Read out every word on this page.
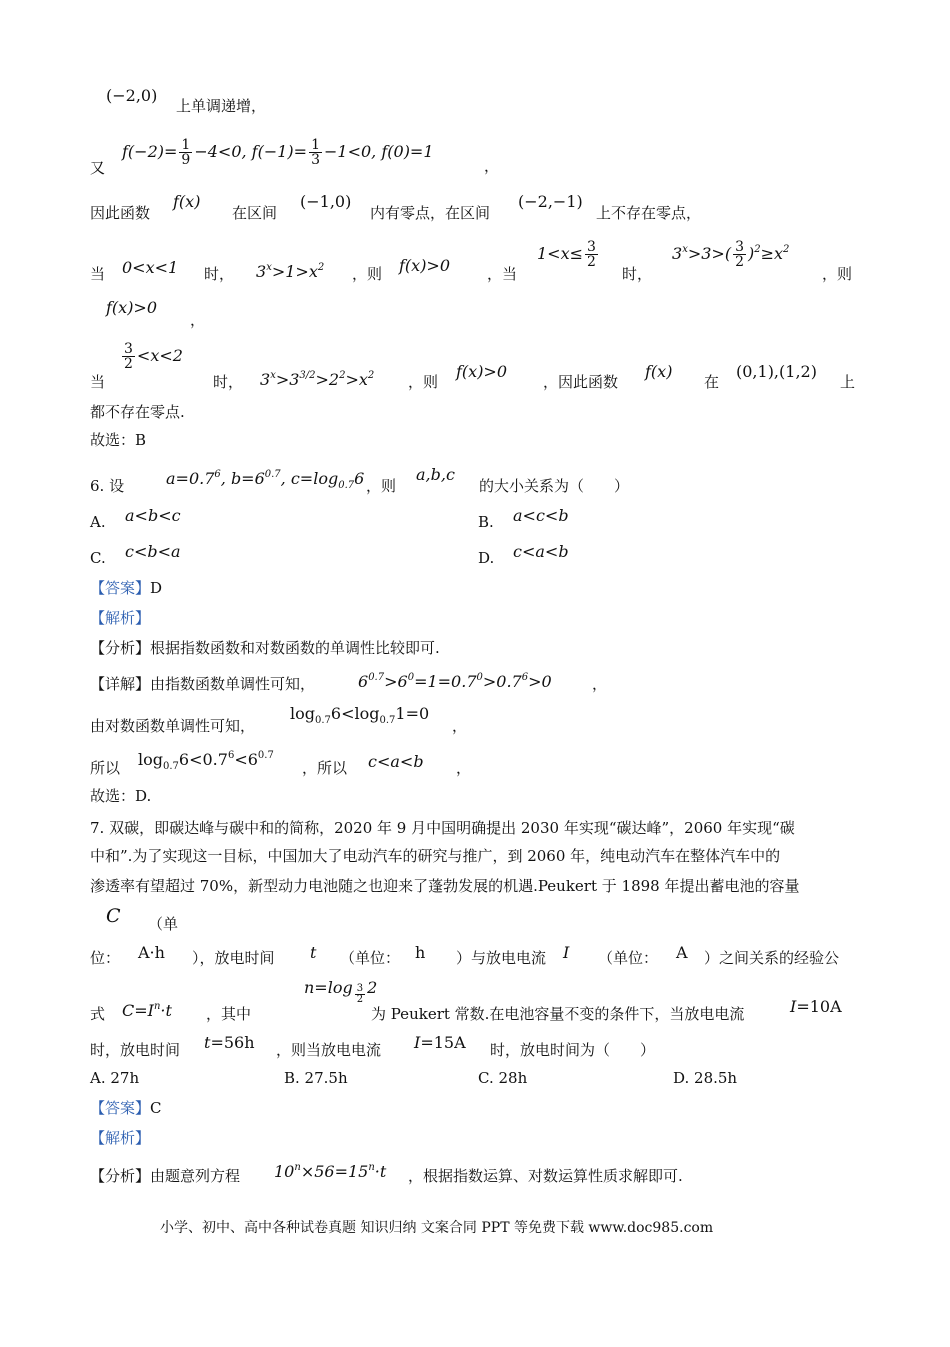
(−2,0)
上单调递增，
又
$f(-2)= \frac{1}{9} -4<0$, $f(-1)= \frac{1}{3} -1<0$, f(0)=1
，
因此函数
f(x)
在区间
(−1,0)
内有零点，在区间
(−2,−1)
上不存在零点，
当 0<x<1 时， $3^x>1>x^2$ ，则 f(x)>0 ，当
$1<x\le \frac{3}{2}$
时，
$3^x>3>( \frac{3}{2} )^2\ge x^2$
，则
f(x)>0
，
当
$\frac{3}{2} <x<2$
时， $3^x>3^{3/2}>2^2>x^2$ ，则
f(x)>0
，因此函数
f(x)
在
(0,1),(1,2)
上
都不存在零点.
故选：B
6. 设	$a=0.7^6$, $b=6^{0.7}$, $c=\log_{0.7}6$ ，则
a,b,c
的大小关系为（　　）
A. a<b<c	B. a<c<b
C. c<b<a	D. c<a<b
【答案】D
【解析】
【分析】根据指数函数和对数函数的单调性比较即可.
【详解】由指数函数单调性可知，	$6^{0.7}>6^0=1=0.7^0>0.7^6>0$	，
由对数函数单调性可知，
$\log_{0.7}6<\log_{0.7}1=0$
，
所以 $\log_{0.7}6<0.7^6<6^{0.7}$
，所以 c<a<b ，
故选：D.
7. 双碳，即碳达峰与碳中和的简称，2020 年 9 月中国明确提出 2030 年实现“碳达峰”，2060 年实现“碳
中和”.为了实现这一目标，中国加大了电动汽车的研究与推广，到 2060 年，纯电动汽车在整体汽车中的
渗透率有望超过 70%，新型动力电池随之也迎来了蓬勃发展的机遇.Peukert 于 1898 年提出蓄电池的容量
C （单
位： A·h ），放电时间 t （单位： h ）与放电电流 I （单位： A ）之间关系的经验公
式 $C=I^n\cdot t$ ，其中
n=log $_{\frac{3}{2}}$ 2
为 Peukert 常数.在电池容量不变的条件下，当放电电流	I=10A
时，放电时间 t=56h ，则当放电电流 I=15A 时，放电时间为（　　）
A. 27h	B. 27.5h	C. 28h	D. 28.5h
【答案】C
【解析】
【分析】由题意列方程 $10^n\times 56=15^n\cdot t$ ，根据指数运算、对数运算性质求解即可.
小学、初中、高中各种试卷真题 知识归纳 文案合同 PPT 等免费下载 www.doc985.com
